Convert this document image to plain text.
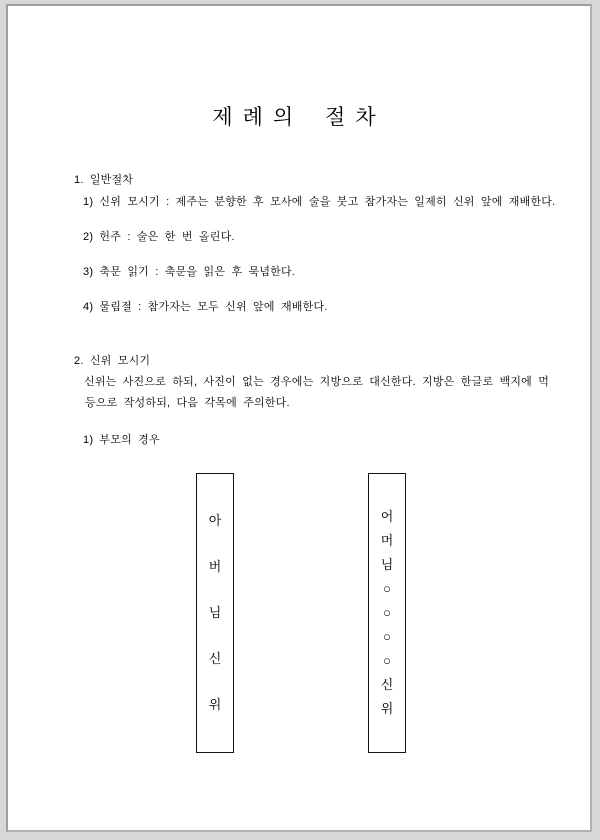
제례의 절차
1. 일반절차
1) 신위 모시기 : 제주는 분향한 후 모사에 술을 붓고 참가자는 일제히 신위 앞에 재배한다.
2) 헌주 : 술은 한 번 올린다.
3) 축문 읽기 : 축문을 읽은 후 묵념한다.
4) 물림절 : 참가자는 모두 신위 앞에 재배한다.
2. 신위 모시기
신위는 사진으로 하되, 사진이 없는 경우에는 지방으로 대신한다. 지방은 한글로 백지에 먹
등으로 작성하되, 다음 각목에 주의한다.
1) 부모의 경우
아
버
님
신
위
어
머
님
○
○
○
○
신
위
